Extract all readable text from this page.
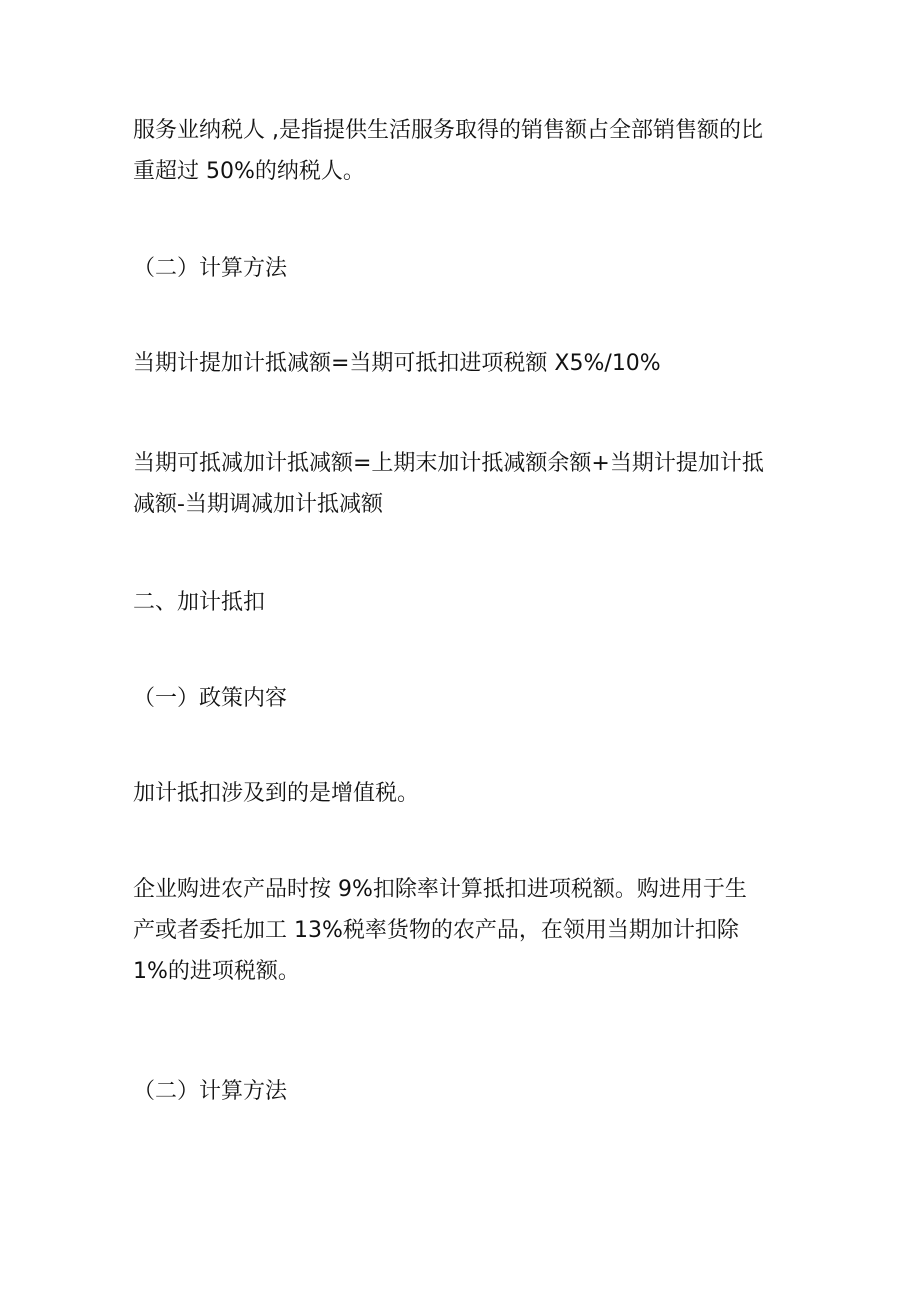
服务业纳税人 ,是指提供生活服务取得的销售额占全部销售额的比
重超过 50%的纳税人。
（二）计算方法
当期计提加计抵减额=当期可抵扣进项税额 X5%/10%
当期可抵减加计抵减额=上期末加计抵减额余额+当期计提加计抵
减额-当期调减加计抵减额
二、加计抵扣
（一）政策内容
加计抵扣涉及到的是增值税。
企业购进农产品时按 9%扣除率计算抵扣进项税额。购进用于生
产或者委托加工 13%税率货物的农产品，在领用当期加计扣除
1%的进项税额。
（二）计算方法
